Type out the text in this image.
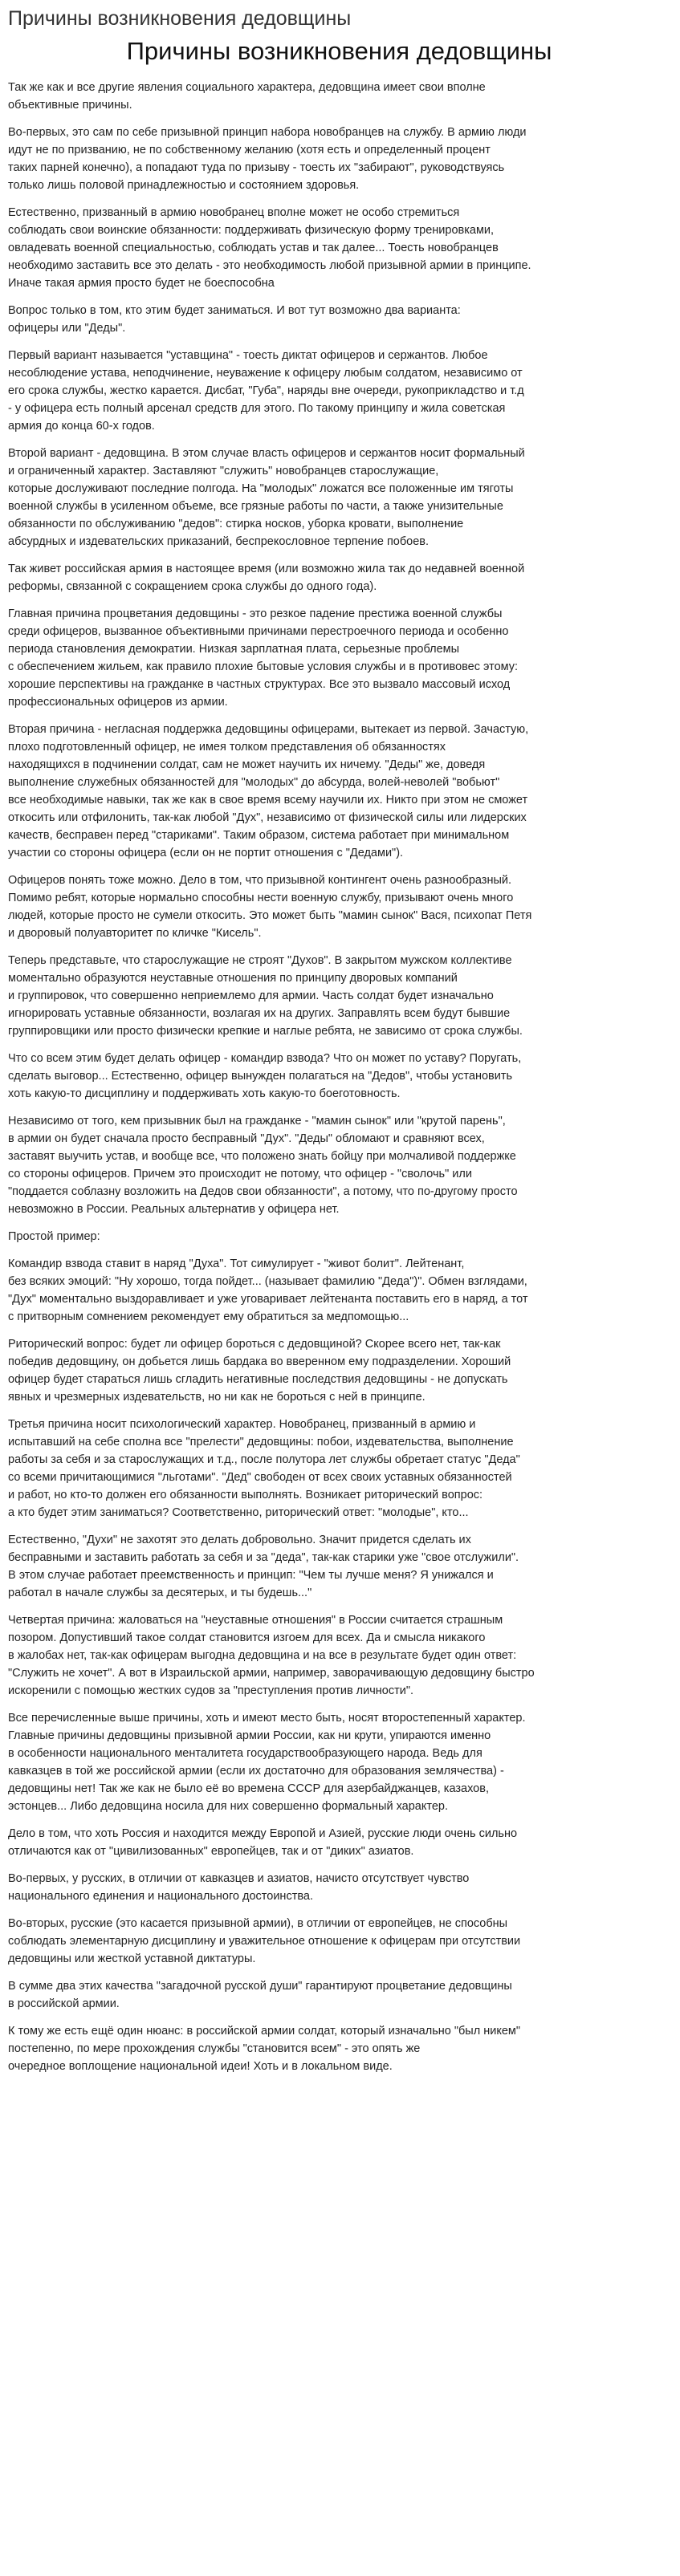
Причины возникновения дедовщины
Причины возникновения дедовщины

Так же как и все другие явления социального характера, дедовщина имеет свои вполне
объективные причины.

Во-первых, это сам по себе призывной принцип набора новобранцев на службу. В армию люди
идут не по призванию, не по собственному желанию (хотя есть и определенный процент
таких парней конечно), а попадают туда по призыву - тоесть их "забирают", руководствуясь
только лишь половой принадлежностью и состоянием здоровья.

Естественно, призванный в армию новобранец вполне может не особо стремиться
соблюдать свои воинские обязанности: поддерживать физическую форму тренировками,
овладевать военной специальностью, соблюдать устав и так далее... Тоесть новобранцев
необходимо заставить все это делать - это необходимость любой призывной армии в принципе.
Иначе такая армия просто будет не боеспособна

Вопрос только в том, кто этим будет заниматься. И вот тут возможно два варианта:
офицеры или "Деды".

Первый вариант называется "уставщина" - тоесть диктат офицеров и сержантов. Любое
несоблюдение устава, неподчинение, неуважение к офицеру любым солдатом, независимо от
его срока службы, жестко карается. Дисбат, "Губа", наряды вне очереди, рукоприкладство и т.д
- у офицера есть полный арсенал средств для этого. По такому принципу и жила советская
армия до конца 60-х годов.

Второй вариант - дедовщина. В этом случае власть офицеров и сержантов носит формальный
и ограниченный характер. Заставляют "служить" новобранцев старослужащие,
которые дослуживают последние полгода. На "молодых" ложатся все положенные им тяготы
военной службы в усиленном объеме, все грязные работы по части, а также унизительные
обязанности по обслуживанию "дедов": стирка носков, уборка кровати, выполнение
абсурдных и издевательских приказаний, беспрекословное терпение побоев.

Так живет российская армия в настоящее время (или возможно жила так до недавней военной
реформы, связанной с сокращением срока службы до одного года).

Главная причина процветания дедовщины - это резкое падение престижа военной службы
среди офицеров, вызванное объективными причинами перестроечного периода и особенно
периода становления демократии. Низкая зарплатная плата, серьезные проблемы
с обеспечением жильем, как правило плохие бытовые условия службы и в противовес этому:
хорошие перспективы на гражданке в частных структурах. Все это вызвало массовый исход
профессиональных офицеров из армии.

Вторая причина - негласная поддержка дедовщины офицерами, вытекает из первой. Зачастую,
плохо подготовленный офицер, не имея толком представления об обязанностях
находящихся в подчинении солдат, сам не может научить их ничему. "Деды" же, доведя
выполнение служебных обязанностей для "молодых" до абсурда, волей-неволей "вобьют"
все необходимые навыки, так же как в свое время всему научили их. Никто при этом не сможет
откосить или отфилонить, так-как любой "Дух", независимо от физической силы или лидерских
качеств, бесправен перед "стариками". Таким образом, система работает при минимальном
участии со стороны офицера (если он не портит отношения с "Дедами").

Офицеров понять тоже можно. Дело в том, что призывной контингент очень разнообразный.
Помимо ребят, которые нормально способны нести военную службу, призывают очень много
людей, которые просто не сумели откосить. Это может быть "мамин сынок" Вася, психопат Петя
и дворовый полуавторитет по кличке "Кисель".

Теперь представьте, что старослужащие не строят "Духов". В закрытом мужском коллективе
моментально образуются неуставные отношения по принципу дворовых компаний
и группировок, что совершенно неприемлемо для армии. Часть солдат будет изначально
игнорировать уставные обязанности, возлагая их на других. Заправлять всем будут бывшие
группировщики или просто физически крепкие и наглые ребята, не зависимо от срока службы.

Что со всем этим будет делать офицер - командир взвода? Что он может по уставу? Поругать,
сделать выговор... Естественно, офицер вынужден полагаться на "Дедов", чтобы установить
хоть какую-то дисциплину и поддерживать хоть какую-то боеготовность.

Независимо от того, кем призывник был на гражданке - "мамин сынок" или "крутой парень",
в армии он будет сначала просто бесправный "Дух". "Деды" обломают и сравняют всех,
заставят выучить устав, и вообще все, что положено знать бойцу при молчаливой поддержке
со стороны офицеров. Причем это происходит не потому, что офицер - "сволочь" или
"поддается соблазну возложить на Дедов свои обязанности", а потому, что по-другому просто
невозможно в России. Реальных альтернатив у офицера нет.

Простой пример:

Командир взвода ставит в наряд "Духа". Тот симулирует - "живот болит". Лейтенант,
без всяких эмоций: "Ну хорошо, тогда пойдет... (называет фамилию "Деда")". Обмен взглядами,
"Дух" моментально выздоравливает и уже уговаривает лейтенанта поставить его в наряд, а тот
с притворным сомнением рекомендует ему обратиться за медпомощью...

Риторический вопрос: будет ли офицер бороться с дедовщиной? Скорее всего нет, так-как
победив дедовщину, он добьется лишь бардака во вверенном ему подразделении. Хороший
офицер будет стараться лишь сгладить негативные последствия дедовщины - не допускать
явных и чрезмерных издевательств, но ни как не бороться с ней в принципе.

Третья причина носит психологический характер. Новобранец, призванный в армию и
испытавший на себе сполна все "прелести" дедовщины: побои, издевательства, выполнение
работы за себя и за старослужащих и т.д., после полутора лет службы обретает статус "Деда"
со всеми причитающимися "льготами". "Дед" свободен от всех своих уставных обязанностей
и работ, но кто-то должен его обязанности выполнять. Возникает риторический вопрос:
а кто будет этим заниматься? Соответственно, риторический ответ: "молодые", кто...

Естественно, "Духи" не захотят это делать добровольно. Значит придется сделать их
бесправными и заставить работать за себя и за "деда", так-как старики уже "свое отслужили".
В этом случае работает преемственность и принцип: "Чем ты лучше меня? Я унижался и
работал в начале службы за десятерых, и ты будешь..."

Четвертая причина: жаловаться на "неуставные отношения" в России считается страшным
позором. Допустивший такое солдат становится изгоем для всех. Да и смысла никакого
в жалобах нет, так-как офицерам выгодна дедовщина и на все в результате будет один ответ:
"Служить не хочет". А вот в Израильской армии, например, заворачивающую дедовщину быстро
искоренили с помощью жестких судов за "преступления против личности".

Все перечисленные выше причины, хоть и имеют место быть, носят второстепенный характер.
Главные причины дедовщины призывной армии России, как ни крути, упираются именно
в особенности национального менталитета государствообразующего народа. Ведь для
кавказцев в той же российской армии (если их достаточно для образования землячества) -
дедовщины нет! Так же как не было её во времена СССР для азербайджанцев, казахов,
эстонцев... Либо дедовщина носила для них совершенно формальный характер.

Дело в том, что хоть Россия и находится между Европой и Азией, русские люди очень сильно
отличаются как от "цивилизованных" европейцев, так и от "диких" азиатов.

Во-первых, у русских, в отличии от кавказцев и азиатов, начисто отсутствует чувство
национального единения и национального достоинства.

Во-вторых, русские (это касается призывной армии), в отличии от европейцев, не способны
соблюдать элементарную дисциплину и уважительное отношение к офицерам при отсутствии
дедовщины или жесткой уставной диктатуры.

В сумме два этих качества "загадочной русской души" гарантируют процветание дедовщины
в российской армии.

К тому же есть ещё один нюанс: в российской армии солдат, который изначально "был никем"
постепенно, по мере прохождения службы "становится всем" - это опять же
очередное воплощение национальной идеи! Хоть и в локальном виде.
